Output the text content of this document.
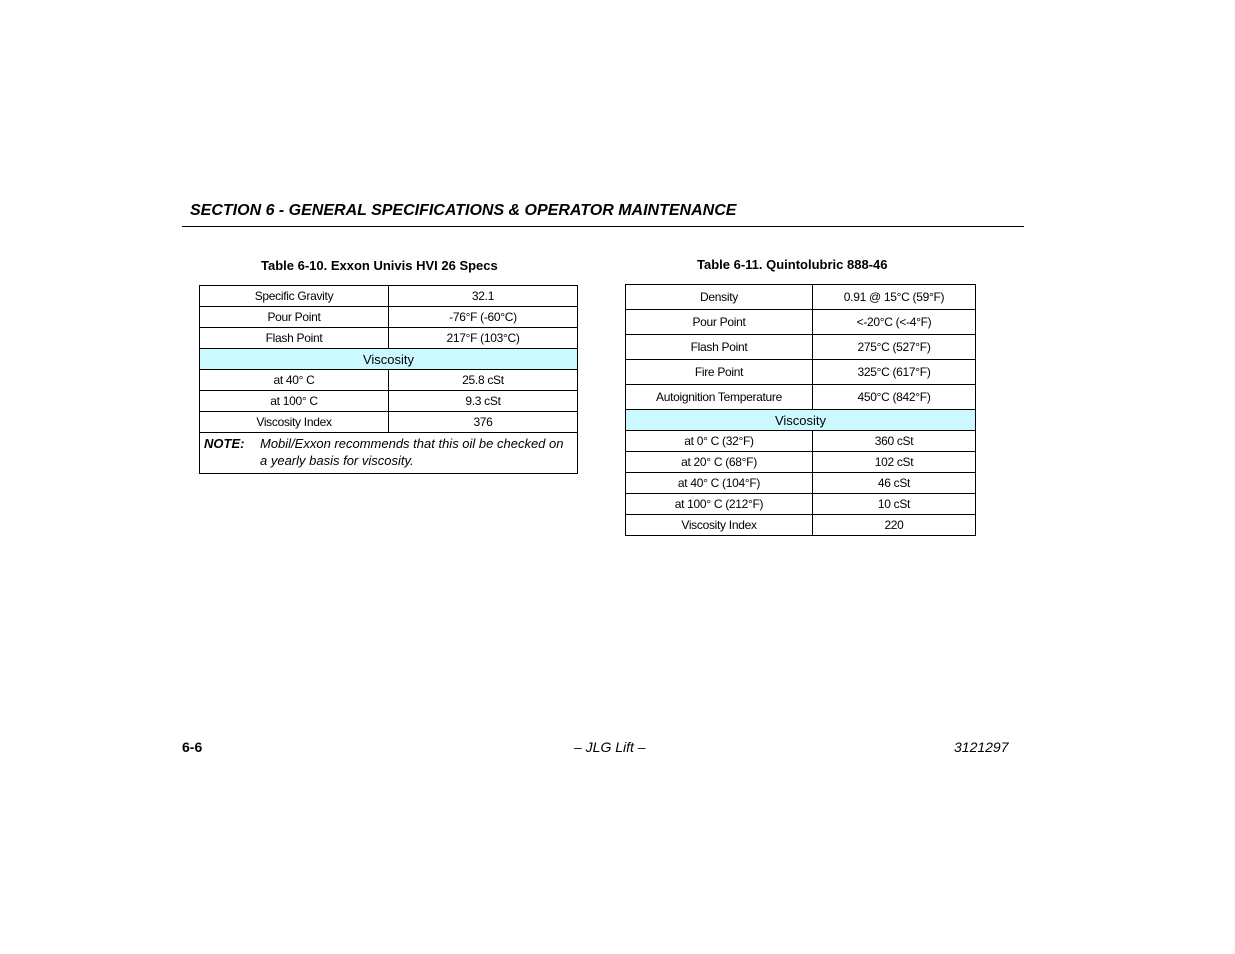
SECTION 6 - GENERAL SPECIFICATIONS & OPERATOR MAINTENANCE
Table 6-10. Exxon Univis HVI 26 Specs
Specific Gravity	32.1
Pour Point	-76°F (-60°C)
Flash Point	217°F (103°C)
Viscosity	
at 40° C	25.8 cSt
at 100° C	9.3 cSt
Viscosity Index	376

NOTE: Mobil/Exxon recommends that this oil be checked on a yearly basis for viscosity.	
Table 6-11. Quintolubric 888-46
Density	0.91 @ 15°C (59°F)
Pour Point	<-20°C (<-4°F)
Flash Point	275°C (527°F)
Fire Point	325°C (617°F)
Autoignition Temperature	450°C (842°F)
Viscosity	
at 0° C (32°F)	360 cSt
at 20° C (68°F)	102 cSt
at 40° C (104°F)	46 cSt
at 100° C (212°F)	10 cSt
Viscosity Index	220
6-6	– JLG Lift –	3121297
